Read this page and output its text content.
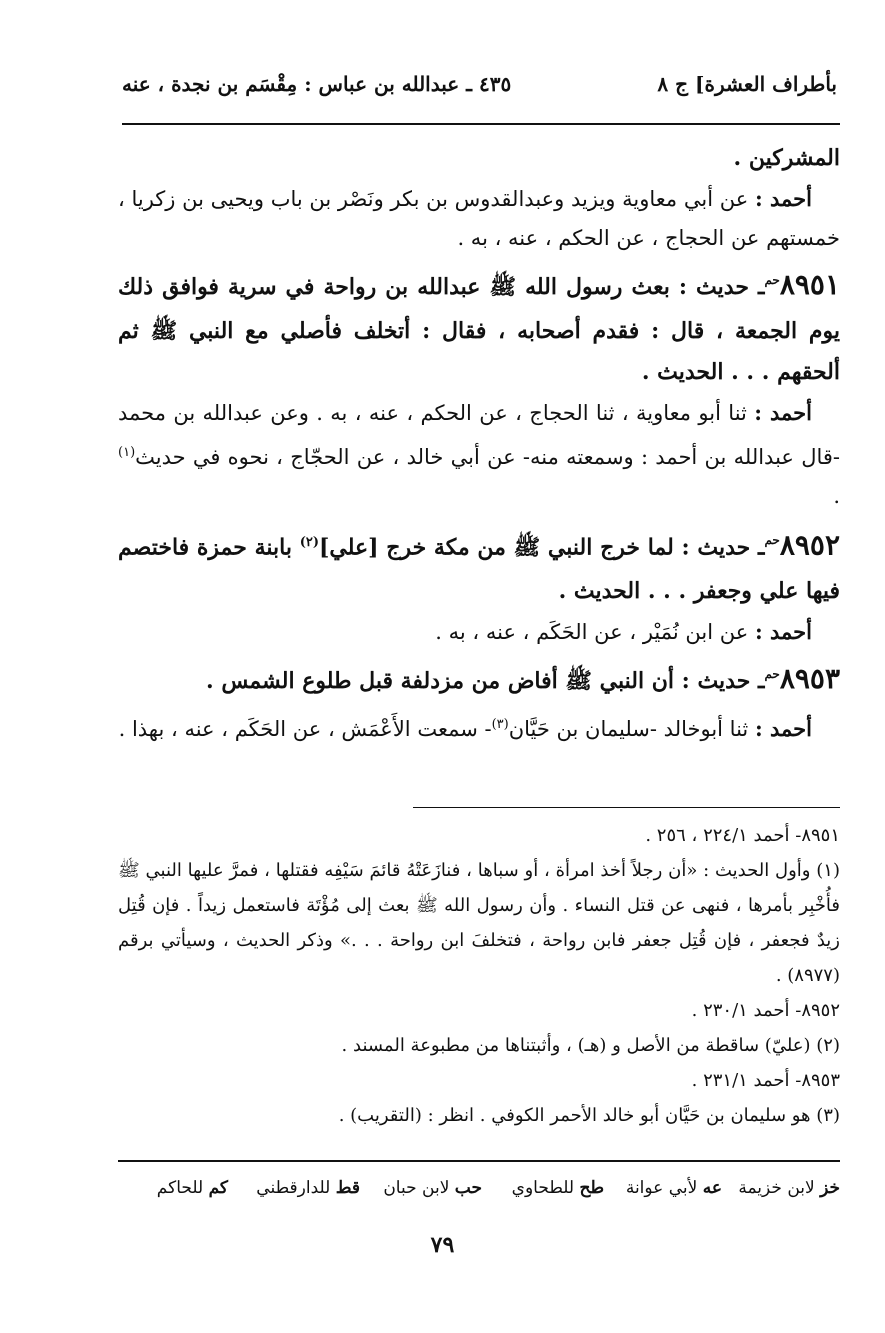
بأطراف العشرة] ج ٨
٤٣٥ ـ عبدالله بن عباس : مِقْسَم بن نجدة ، عنه

المشركين .

أحمد : عن أبي معاوية ويزيد وعبدالقدوس بن بكر ونَصْر بن باب ويحيى بن زكريا ، خمستهم عن الحجاج ، عن الحكم ، عنه ، به .

٨٩٥١حمـ حديث : بعث رسول الله ﷺ عبدالله بن رواحة في سرية فوافق ذلك يوم الجمعة ، قال : فقدم أصحابه ، فقال : أتخلف فأصلي مع النبي ﷺ ثم ألحقهم . . . الحديث .

أحمد : ثنا أبو معاوية ، ثنا الحجاج ، عن الحكم ، عنه ، به . وعن عبدالله بن محمد -قال عبدالله بن أحمد : وسمعته منه- عن أبي خالد ، عن الحجّاج ، نحوه في حديث$^{(١)}$ .

٨٩٥٢حمـ حديث : لما خرج النبي ﷺ من مكة خرج [علي]$^{(٢)}$ بابنة حمزة فاختصم فيها علي وجعفر . . . الحديث .

أحمد : عن ابن نُمَيْر ، عن الحَكَم ، عنه ، به .

٨٩٥٣حمـ حديث : أن النبي ﷺ أفاض من مزدلفة قبل طلوع الشمس .

أحمد : ثنا أبوخالد -سليمان بن حَيَّان$^{(٣)}$- سمعت الأَعْمَش ، عن الحَكَم ، عنه ، بهذا .

٨٩٥١- أحمد ٢٢٤/١ ، ٢٥٦ .

(١) وأول الحديث : «أن رجلاً أخذ امرأة ، أو سباها ، فنازَعَتْهُ قائمَ سَيْفِه فقتلها ، فمرَّ عليها النبي ﷺ فأُخْبِر بأمرها ، فنهى عن قتل النساء . وأن رسول الله ﷺ بعث إلى مُؤْتَة فاستعمل زيداً . فإن قُتِل زيدٌ فجعفر ، فإن قُتِل جعفر فابن رواحة ، فتخلفَ ابن رواحة . . .» وذكر الحديث ، وسيأتي برقم (٨٩٧٧) .

٨٩٥٢- أحمد ٢٣٠/١ .

(٢) (عليّ) ساقطة من الأصل و (هـ) ، وأثبتناها من مطبوعة المسند .

٨٩٥٣- أحمد ٢٣١/١ .

(٣) هو سليمان بن حَيَّان أبو خالد الأحمر الكوفي . انظر : (التقريب) .

خز لابن خزيمة
عه لأبي عوانة
طح للطحاوي
حب لابن حبان
قط للدارقطني
كم للحاكم
٧٩
